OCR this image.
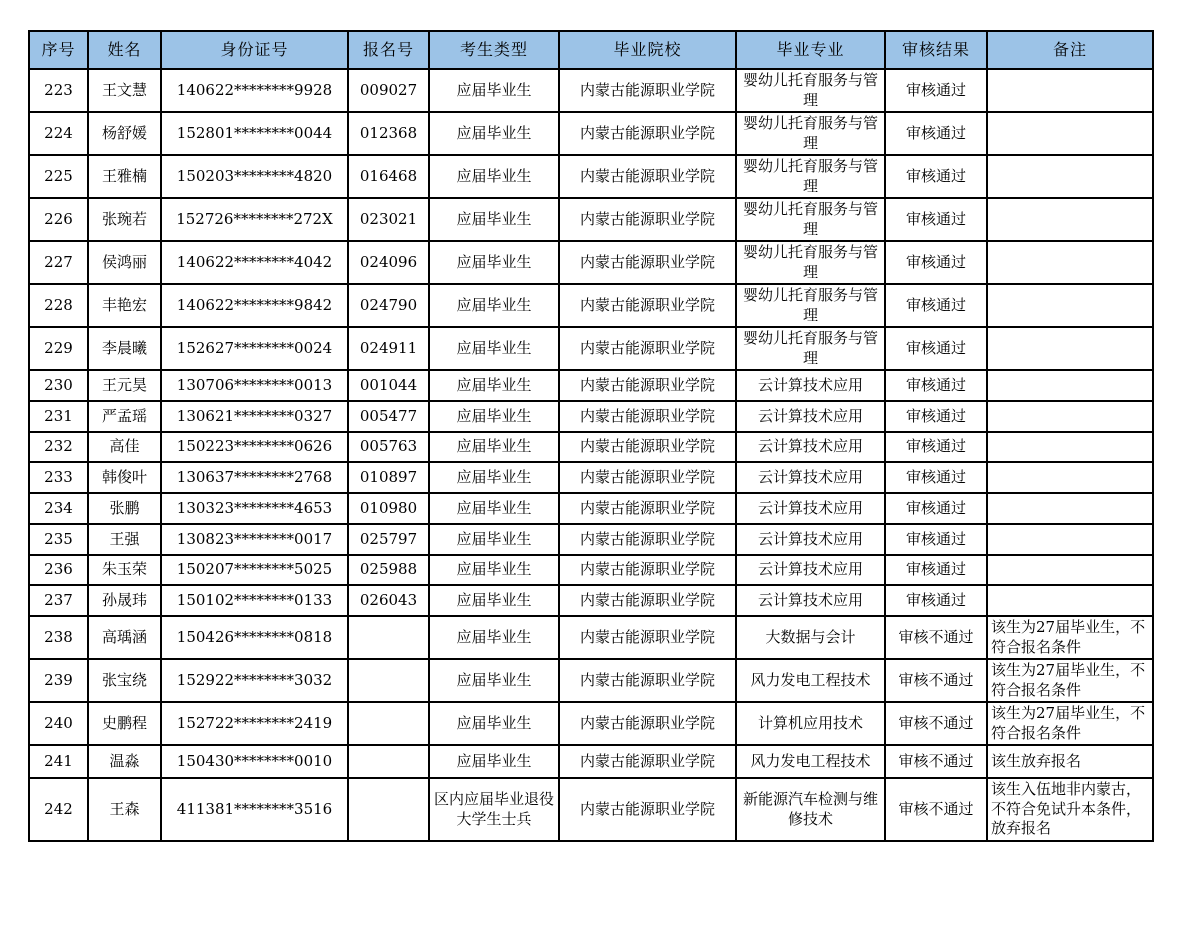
序号	姓名	身份证号	报名号	考生类型	毕业院校	毕业专业	审核结果	备注
223	王文慧	140622********9928	009027	应届毕业生	内蒙古能源职业学院	婴幼儿托育服务与管理	审核通过	
224	杨舒媛	152801********0044	012368	应届毕业生	内蒙古能源职业学院	婴幼儿托育服务与管理	审核通过	
225	王雅楠	150203********4820	016468	应届毕业生	内蒙古能源职业学院	婴幼儿托育服务与管理	审核通过	
226	张琬若	152726********272X	023021	应届毕业生	内蒙古能源职业学院	婴幼儿托育服务与管理	审核通过	
227	侯鸿丽	140622********4042	024096	应届毕业生	内蒙古能源职业学院	婴幼儿托育服务与管理	审核通过	
228	丰艳宏	140622********9842	024790	应届毕业生	内蒙古能源职业学院	婴幼儿托育服务与管理	审核通过	
229	李晨曦	152627********0024	024911	应届毕业生	内蒙古能源职业学院	婴幼儿托育服务与管理	审核通过	
230	王元昊	130706********0013	001044	应届毕业生	内蒙古能源职业学院	云计算技术应用	审核通过	
231	严孟瑶	130621********0327	005477	应届毕业生	内蒙古能源职业学院	云计算技术应用	审核通过	
232	高佳	150223********0626	005763	应届毕业生	内蒙古能源职业学院	云计算技术应用	审核通过	
233	韩俊叶	130637********2768	010897	应届毕业生	内蒙古能源职业学院	云计算技术应用	审核通过	
234	张鹏	130323********4653	010980	应届毕业生	内蒙古能源职业学院	云计算技术应用	审核通过	
235	王强	130823********0017	025797	应届毕业生	内蒙古能源职业学院	云计算技术应用	审核通过	
236	朱玉荣	150207********5025	025988	应届毕业生	内蒙古能源职业学院	云计算技术应用	审核通过	
237	孙晟玮	150102********0133	026043	应届毕业生	内蒙古能源职业学院	云计算技术应用	审核通过	
238	高瑀涵	150426********0818		应届毕业生	内蒙古能源职业学院	大数据与会计	审核不通过	该生为27届毕业生，不符合报名条件
239	张宝绕	152922********3032		应届毕业生	内蒙古能源职业学院	风力发电工程技术	审核不通过	该生为27届毕业生，不符合报名条件
240	史鹏程	152722********2419		应届毕业生	内蒙古能源职业学院	计算机应用技术	审核不通过	该生为27届毕业生，不符合报名条件
241	温淼	150430********0010		应届毕业生	内蒙古能源职业学院	风力发电工程技术	审核不通过	该生放弃报名
242	王森	411381********3516		区内应届毕业退役大学生士兵	内蒙古能源职业学院	新能源汽车检测与维修技术	审核不通过	该生入伍地非内蒙古，不符合免试升本条件，放弃报名
